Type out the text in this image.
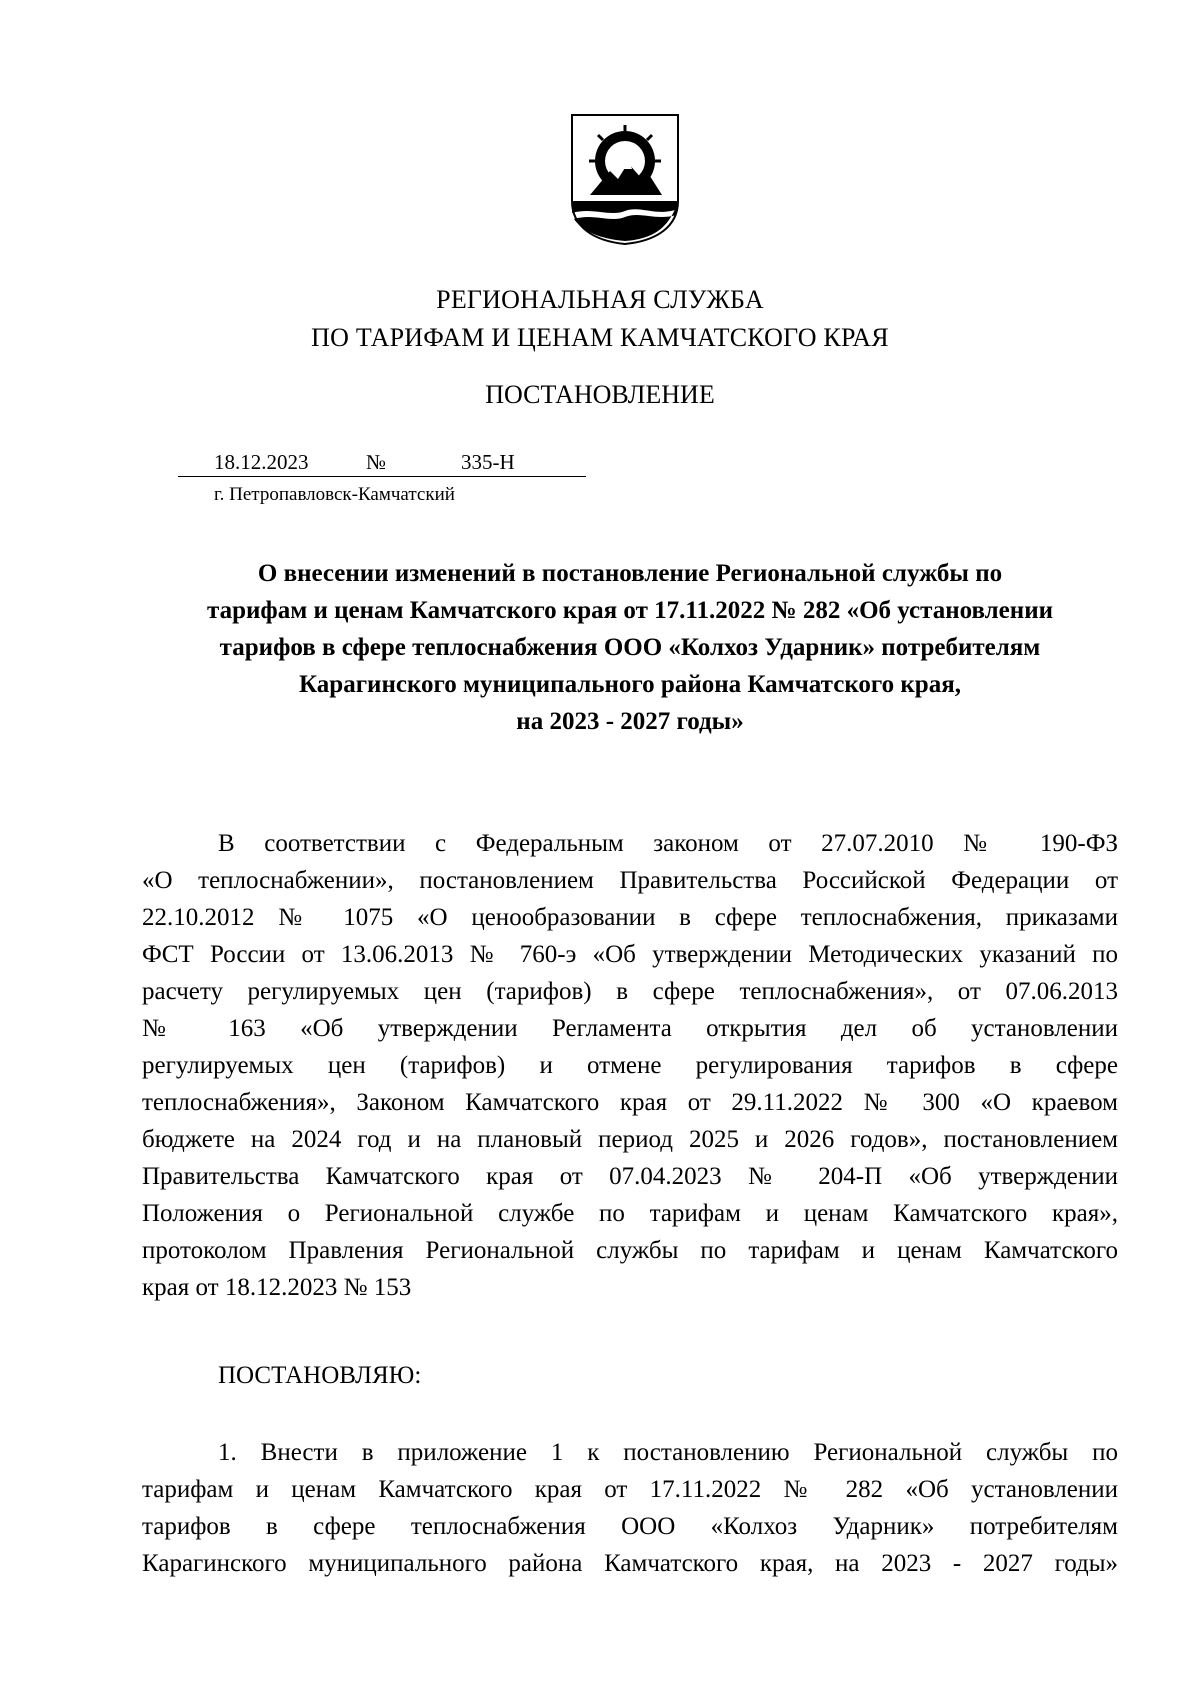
РЕГИОНАЛЬНАЯ СЛУЖБА
ПО ТАРИФАМ И ЦЕНАМ КАМЧАТСКОГО КРАЯ
ПОСТАНОВЛЕНИЕ
18.12.2023	№	335-Н
г. Петропавловск-Камчатский
О внесении изменений в постановление Региональной службы по
тарифам и ценам Камчатского края от 17.11.2022 № 282 «Об установлении
тарифов в сфере теплоснабжения ООО «Колхоз Ударник» потребителям
Карагинского муниципального района Камчатского края,
на 2023 - 2027 годы»
В соответствии с Федеральным законом от 27.07.2010 № 190-ФЗ
«О теплоснабжении», постановлением Правительства Российской Федерации от
22.10.2012 № 1075 «О ценообразовании в сфере теплоснабжения, приказами
ФСТ России от 13.06.2013 № 760-э «Об утверждении Методических указаний по
расчету регулируемых цен (тарифов) в сфере теплоснабжения», от 07.06.2013
№ 163 «Об утверждении Регламента открытия дел об установлении
регулируемых цен (тарифов) и отмене регулирования тарифов в сфере
теплоснабжения», Законом Камчатского края от 29.11.2022 № 300 «О краевом
бюджете на 2024 год и на плановый период 2025 и 2026 годов», постановлением
Правительства Камчатского края от 07.04.2023 № 204-П «Об утверждении
Положения о Региональной службе по тарифам и ценам Камчатского края»,
протоколом Правления Региональной службы по тарифам и ценам Камчатского
края от 18.12.2023 № 153
ПОСТАНОВЛЯЮ:
1. Внести в приложение 1 к постановлению Региональной службы по
тарифам и ценам Камчатского края от 17.11.2022 № 282 «Об установлении
тарифов в сфере теплоснабжения ООО «Колхоз Ударник» потребителям
Карагинского муниципального района Камчатского края, на 2023 - 2027 годы»
